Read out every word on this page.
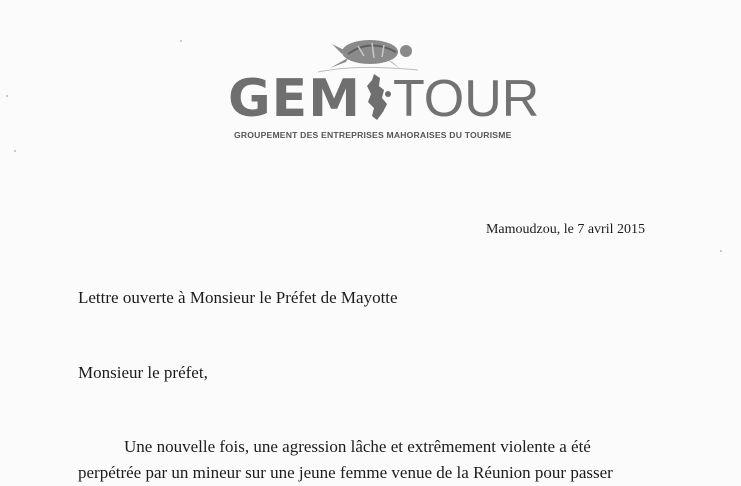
GEM TOUR
GROUPEMENT DES ENTREPRISES MAHORAISES DU TOURISME
Mamoudzou, le 7 avril 2015
Lettre ouverte à Monsieur le Préfet de Mayotte
Monsieur le préfet,
Une nouvelle fois, une agression lâche et extrêmement violente a été
perpétrée par un mineur sur une jeune femme venue de la Réunion pour passer
